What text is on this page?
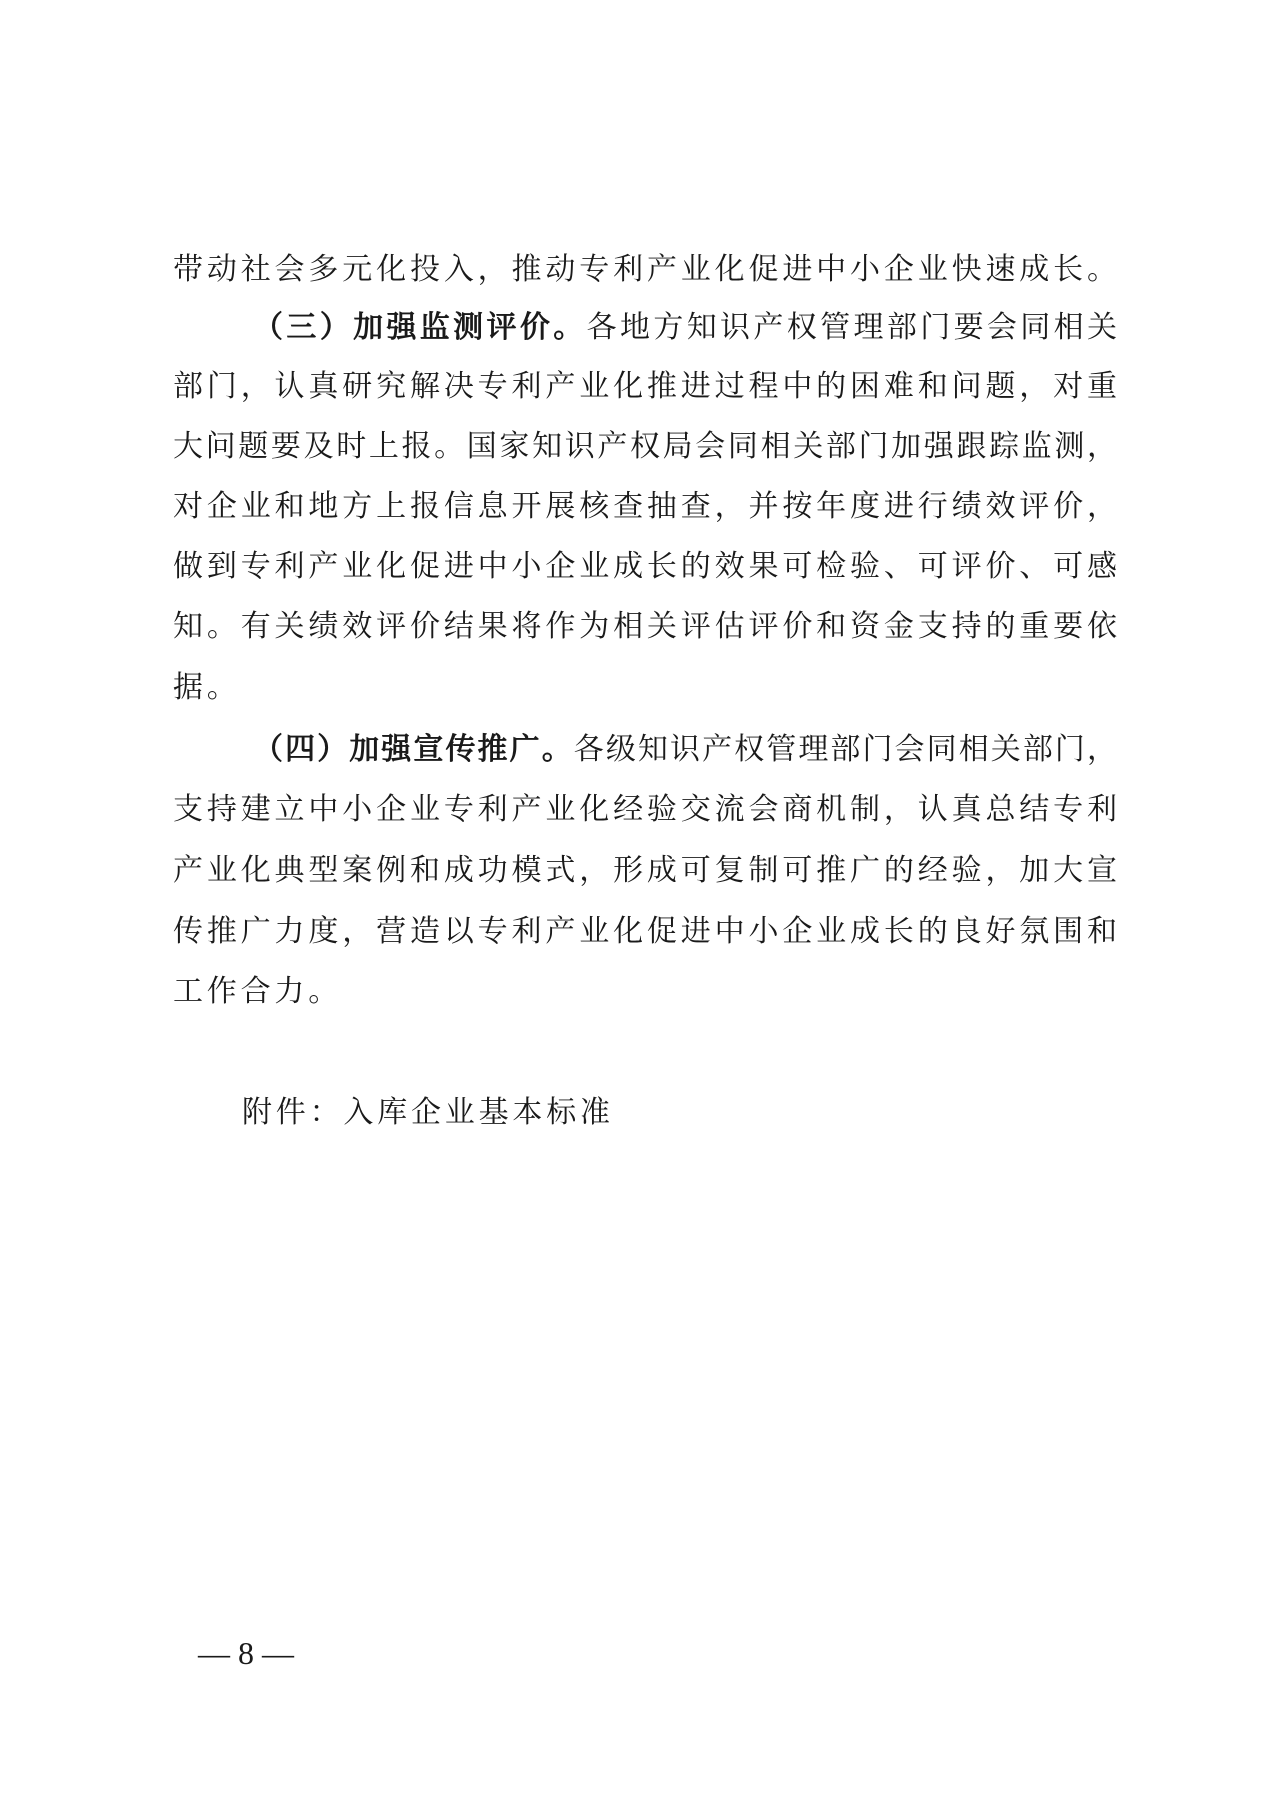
带动社会多元化投入，推动专利产业化促进中小企业快速成长。
（三）加强监测评价。各地方知识产权管理部门要会同相关
部门，认真研究解决专利产业化推进过程中的困难和问题，对重
大问题要及时上报。国家知识产权局会同相关部门加强跟踪监测，
对企业和地方上报信息开展核查抽查，并按年度进行绩效评价，
做到专利产业化促进中小企业成长的效果可检验、可评价、可感
知。有关绩效评价结果将作为相关评估评价和资金支持的重要依
据。
（四）加强宣传推广。各级知识产权管理部门会同相关部门，
支持建立中小企业专利产业化经验交流会商机制，认真总结专利
产业化典型案例和成功模式，形成可复制可推广的经验，加大宣
传推广力度，营造以专利产业化促进中小企业成长的良好氛围和
工作合力。
附件：入库企业基本标准
— 8 —
